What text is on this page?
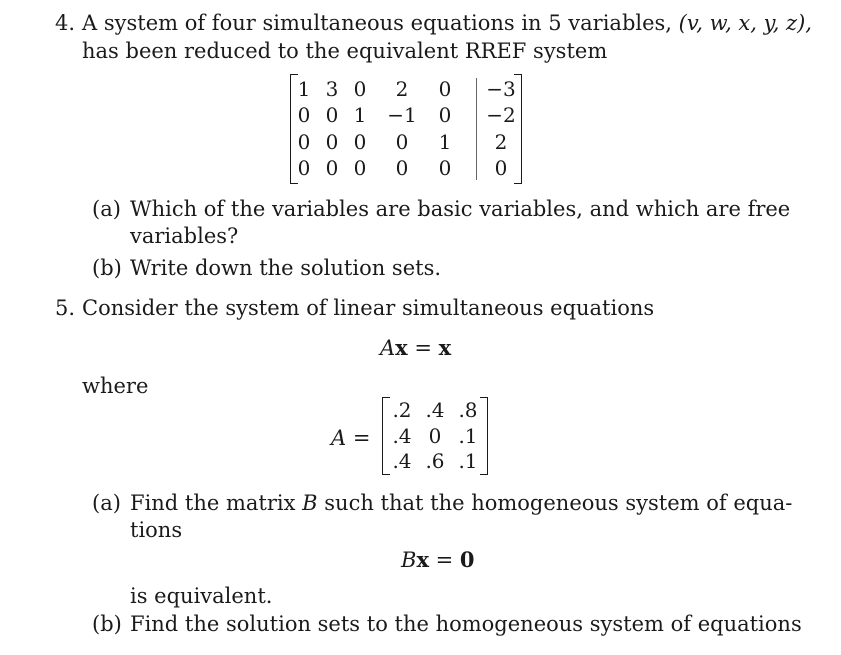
4. A system of four simultaneous equations in 5 variables, (v, w, x, y, z),
has been reduced to the equivalent RREF system
1 3 0	2	0 −3
0 0 1 −1 0 −2
0 0 0	0	1	2
0 0 0	0	0	0
(a) Which of the variables are basic variables, and which are free
variables?
(b) Write down the solution sets.
5. Consider the system of linear simultaneous equations
Ax = x
where
A =
.2 .4 .8
.4 0 .1
.4 .6 .1
(a) Find the matrix B such that the homogeneous system of equa-
tions
Bx = 0
is equivalent.
(b) Find the solution sets to the homogeneous system of equations
